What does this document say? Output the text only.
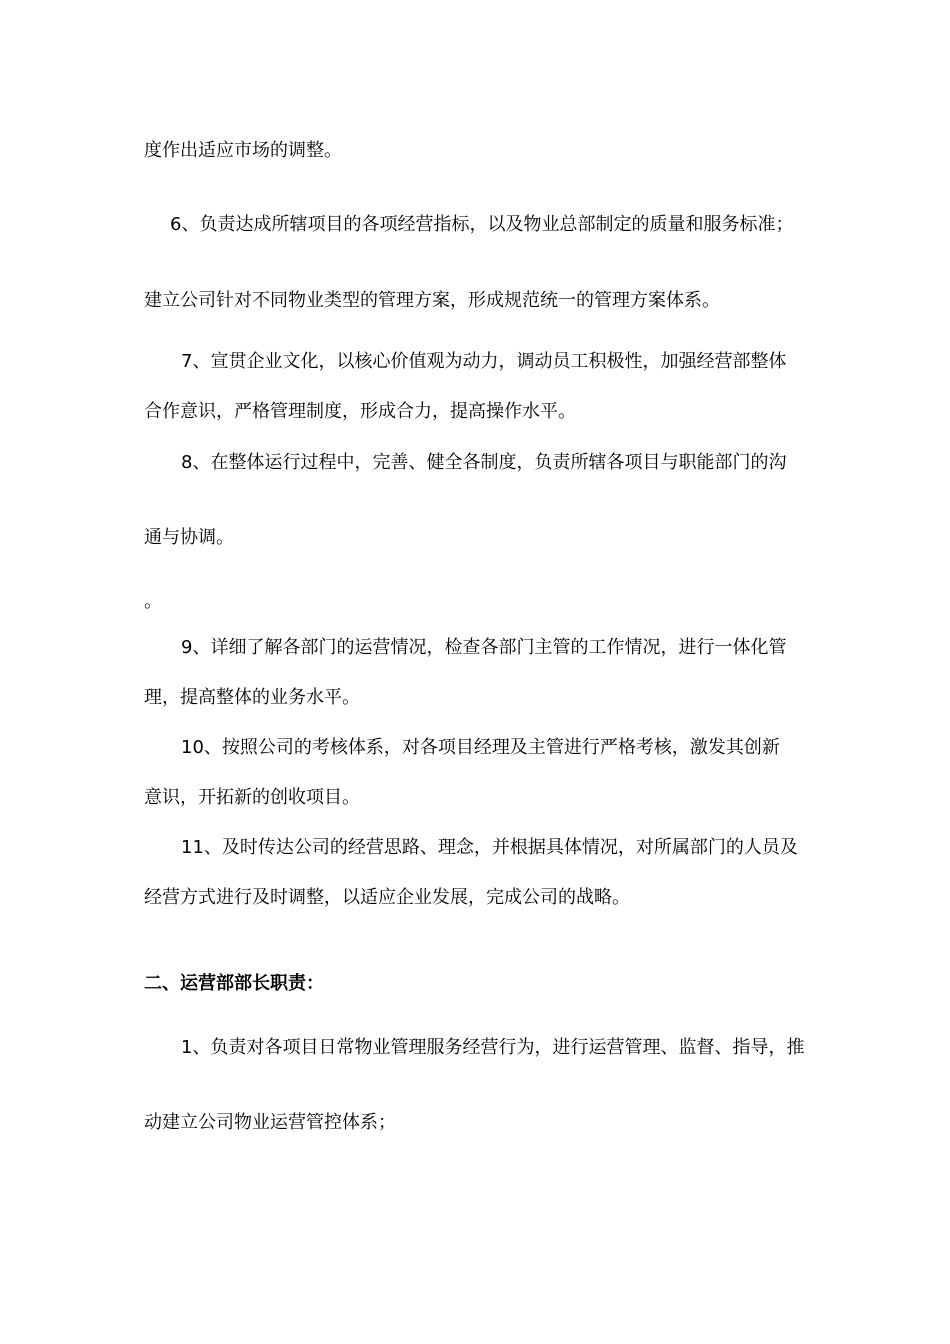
度作出适应市场的调整。

6、负责达成所辖项目的各项经营指标，以及物业总部制定的质量和服务标准；

建立公司针对不同物业类型的管理方案，形成规范统一的管理方案体系。

7、宣贯企业文化，以核心价值观为动力，调动员工积极性，加强经营部整体

合作意识，严格管理制度，形成合力，提高操作水平。

8、在整体运行过程中，完善、健全各制度，负责所辖各项目与职能部门的沟

通与协调。

。

9、详细了解各部门的运营情况，检查各部门主管的工作情况，进行一体化管

理，提高整体的业务水平。

10、按照公司的考核体系，对各项目经理及主管进行严格考核，激发其创新

意识，开拓新的创收项目。

11、及时传达公司的经营思路、理念，并根据具体情况，对所属部门的人员及

经营方式进行及时调整，以适应企业发展，完成公司的战略。

二、运营部部长职责：

1、负责对各项目日常物业管理服务经营行为，进行运营管理、监督、指导，推

动建立公司物业运营管控体系；
